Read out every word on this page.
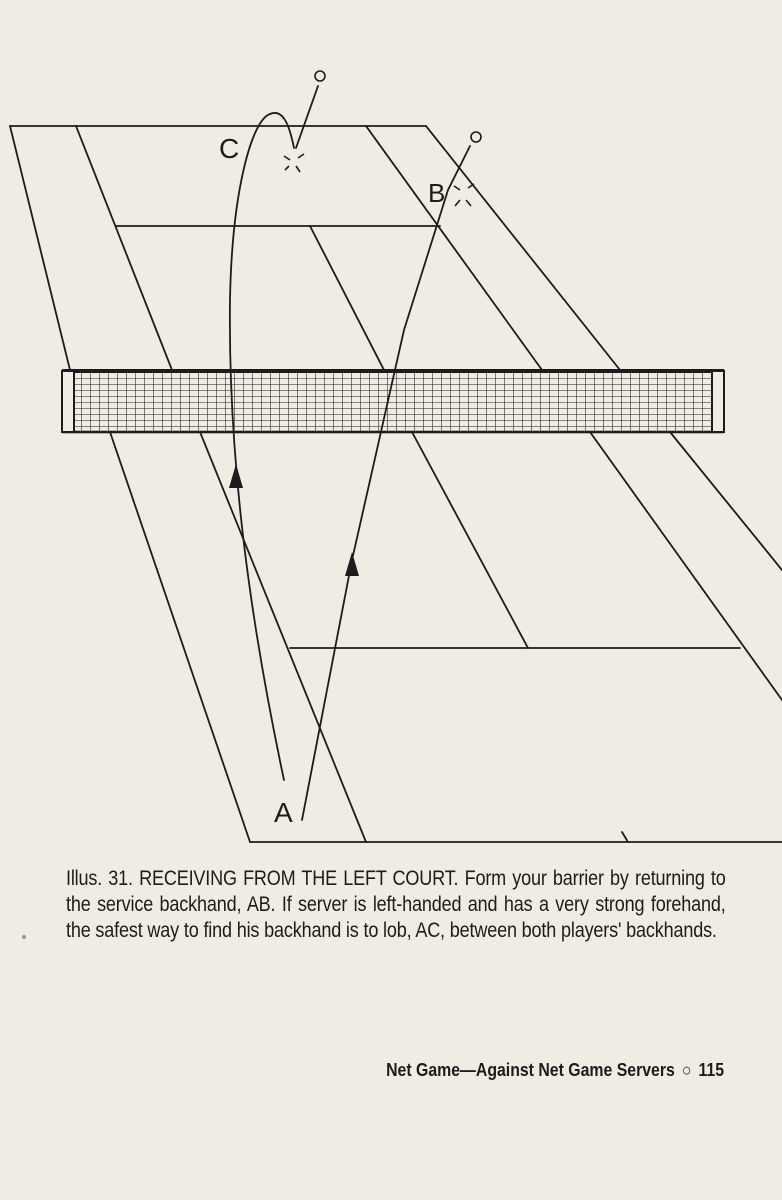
C
B
A

Illus. 31. RECEIVING FROM THE LEFT COURT. Form your barrier by returning to the service backhand, AB. If server is left-handed and has a very strong forehand, the safest way to find his backhand is to lob, AC, between both players' backhands.

Net Game—Against Net Game Servers ○ 115
